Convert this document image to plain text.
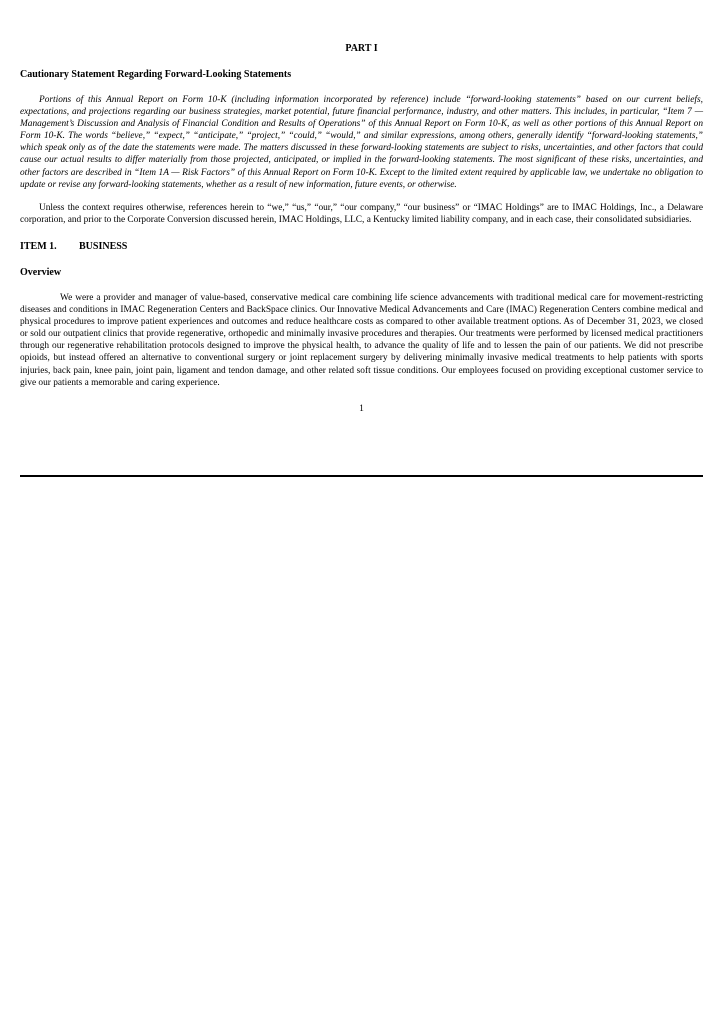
PART I
Cautionary Statement Regarding Forward-Looking Statements

Portions of this Annual Report on Form 10-K (including information incorporated by reference) include “forward-looking statements” based on our current beliefs, expectations, and projections regarding our business strategies, market potential, future financial performance, industry, and other matters. This includes, in particular, “Item 7 — Management’s Discussion and Analysis of Financial Condition and Results of Operations” of this Annual Report on Form 10-K, as well as other portions of this Annual Report on Form 10-K. The words “believe,” “expect,” “anticipate,” “project,” “could,” “would,” and similar expressions, among others, generally identify “forward-looking statements,” which speak only as of the date the statements were made. The matters discussed in these forward-looking statements are subject to risks, uncertainties, and other factors that could cause our actual results to differ materially from those projected, anticipated, or implied in the forward-looking statements. The most significant of these risks, uncertainties, and other factors are described in “Item 1A — Risk Factors” of this Annual Report on Form 10-K. Except to the limited extent required by applicable law, we undertake no obligation to update or revise any forward-looking statements, whether as a result of new information, future events, or otherwise.

Unless the context requires otherwise, references herein to “we,” “us,” “our,” “our company,” “our business” or “IMAC Holdings” are to IMAC Holdings, Inc., a Delaware corporation, and prior to the Corporate Conversion discussed herein, IMAC Holdings, LLC, a Kentucky limited liability company, and in each case, their consolidated subsidiaries.

ITEM 1. BUSINESS
Overview

We were a provider and manager of value-based, conservative medical care combining life science advancements with traditional medical care for movement-restricting diseases and conditions in IMAC Regeneration Centers and BackSpace clinics. Our Innovative Medical Advancements and Care (IMAC) Regeneration Centers combine medical and physical procedures to improve patient experiences and outcomes and reduce healthcare costs as compared to other available treatment options. As of December 31, 2023, we closed or sold our outpatient clinics that provide regenerative, orthopedic and minimally invasive procedures and therapies. Our treatments were performed by licensed medical practitioners through our regenerative rehabilitation protocols designed to improve the physical health, to advance the quality of life and to lessen the pain of our patients. We did not prescribe opioids, but instead offered an alternative to conventional surgery or joint replacement surgery by delivering minimally invasive medical treatments to help patients with sports injuries, back pain, knee pain, joint pain, ligament and tendon damage, and other related soft tissue conditions. Our employees focused on providing exceptional customer service to give our patients a memorable and caring experience.

1
